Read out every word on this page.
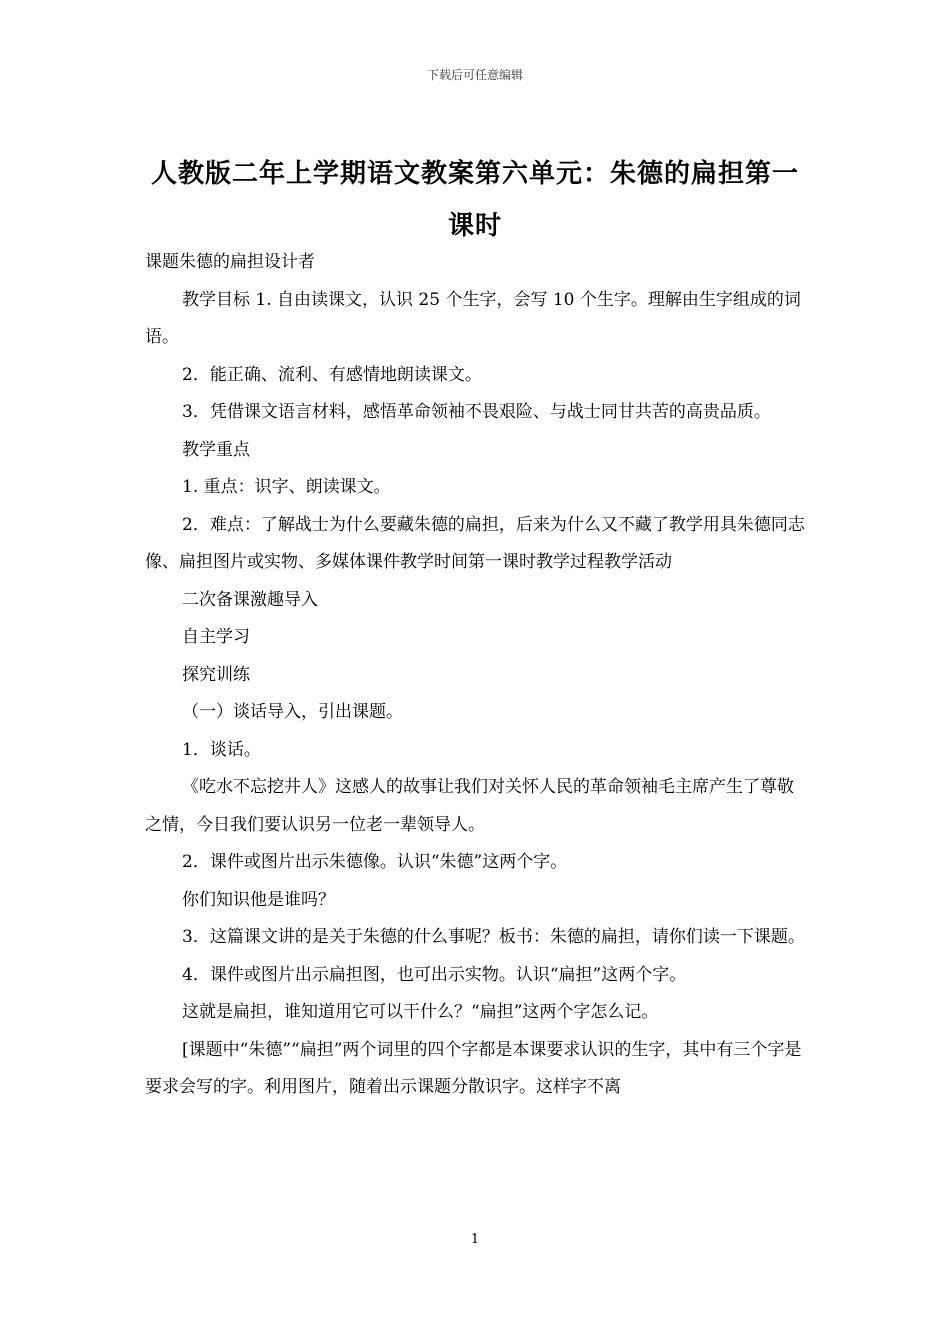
下载后可任意编辑
人教版二年上学期语文教案第六单元：朱德的扁担第一课时

课题朱德的扁担设计者

教学目标 1. 自由读课文，认识 25 个生字，会写 10 个生字。理解由生字组成的词语。

2．能正确、流利、有感情地朗读课文。

3．凭借课文语言材料，感悟革命领袖不畏艰险、与战士同甘共苦的高贵品质。

教学重点

1. 重点：识字、朗读课文。

2．难点：了解战士为什么要藏朱德的扁担，后来为什么又不藏了教学用具朱德同志像、扁担图片或实物、多媒体课件教学时间第一课时教学过程教学活动

二次备课激趣导入

自主学习

探究训练

（一）谈话导入，引出课题。

1．谈话。

《吃水不忘挖井人》这感人的故事让我们对关怀人民的革命领袖毛主席产生了尊敬之情，今日我们要认识另一位老一辈领导人。

2．课件或图片出示朱德像。认识“朱德”这两个字。

你们知识他是谁吗？

3．这篇课文讲的是关于朱德的什么事呢？板书：朱德的扁担，请你们读一下课题。

4．课件或图片出示扁担图，也可出示实物。认识“扁担”这两个字。

这就是扁担，谁知道用它可以干什么？“扁担”这两个字怎么记。

[课题中“朱德”“扁担”两个词里的四个字都是本课要求认识的生字，其中有三个字是要求会写的字。利用图片，随着出示课题分散识字。这样字不离

1
